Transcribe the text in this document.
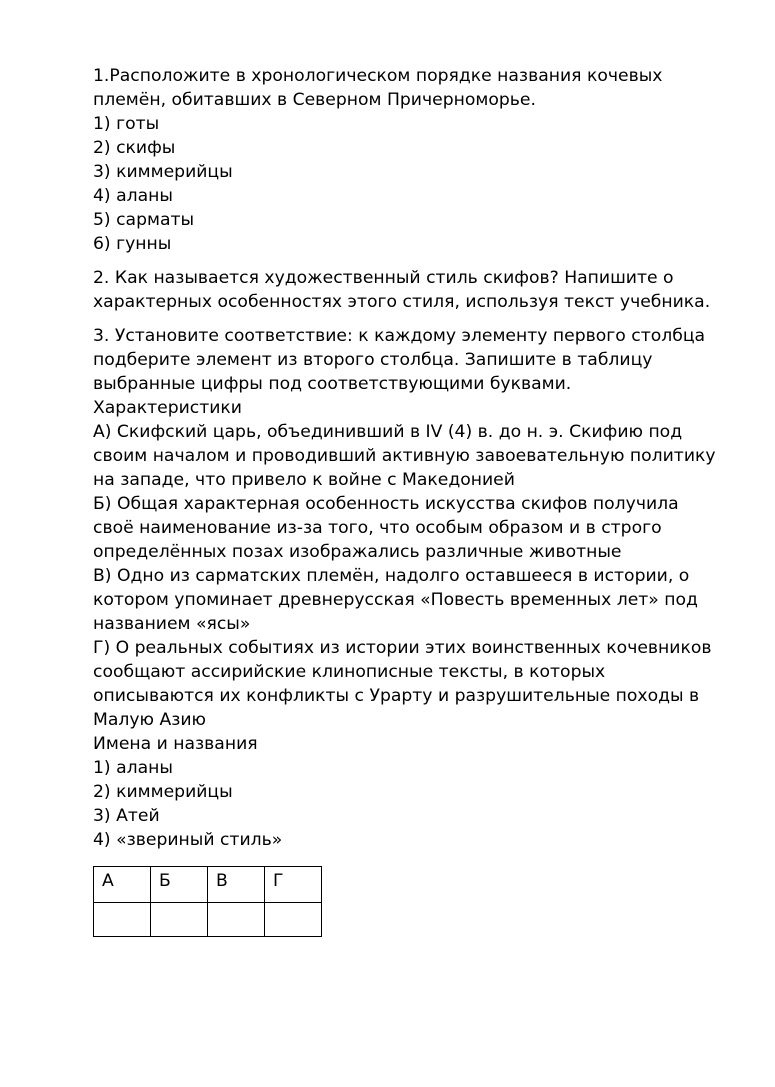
1.Расположите в хронологическом порядке названия кочевых
племён, обитавших в Северном Причерноморье.
1) готы
2) скифы
3) киммерийцы
4) аланы
5) сарматы
6) гунны
2. Как называется художественный стиль скифов? Напишите о
характерных особенностях этого стиля, используя текст учебника.
3. Установите соответствие: к каждому элементу первого столбца
подберите элемент из второго столбца. Запишите в таблицу
выбранные цифры под соответствующими буквами.
Характеристики
А) Скифский царь, объединивший в IV (4) в. до н. э. Скифию под
своим началом и проводивший активную завоевательную политику
на западе, что привело к войне с Македонией
Б) Общая характерная особенность искусства скифов получила
своё наименование из-за того, что особым образом и в строго
определённых позах изображались различные животные
В) Одно из сарматских племён, надолго оставшееся в истории, о
котором упоминает древнерусская «Повесть временных лет» под
названием «ясы»
Г) О реальных событиях из истории этих воинственных кочевников
сообщают ассирийские клинописные тексты, в которых
описываются их конфликты с Урарту и разрушительные походы в
Малую Азию
Имена и названия
1) аланы
2) киммерийцы
3) Атей
4) «звериный стиль»
А	Б	В	Г
